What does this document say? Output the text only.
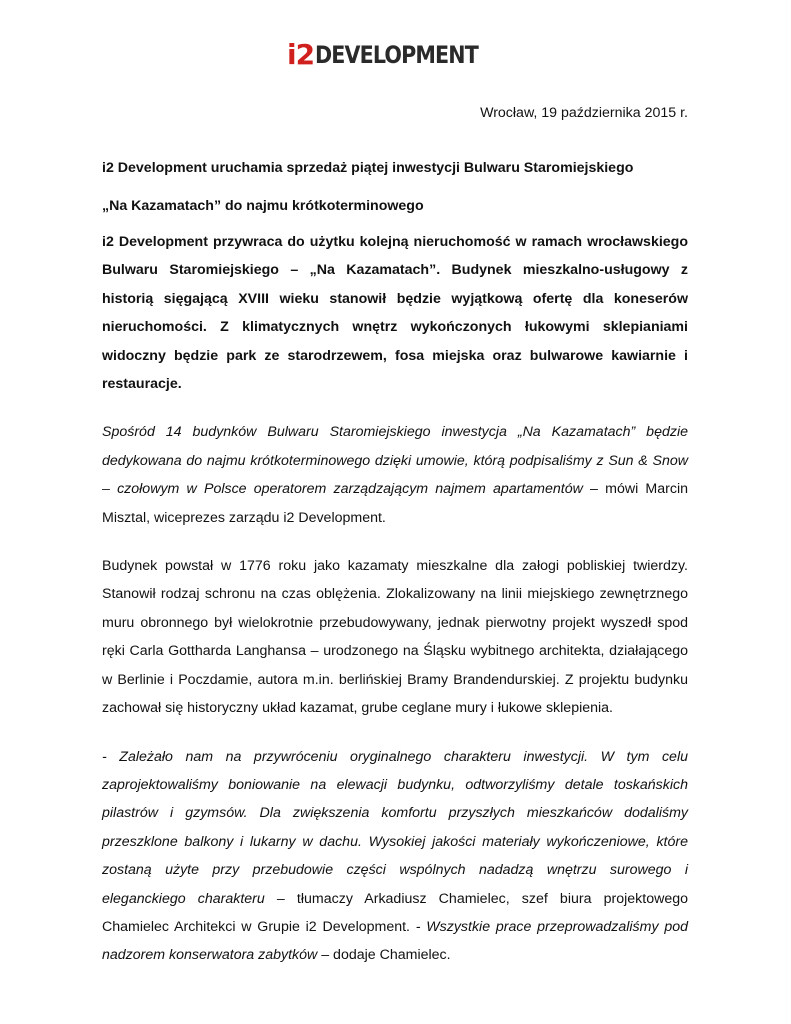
i2 DEVELOPMENT
Wrocław, 19 października 2015 r.

i2 Development uruchamia sprzedaż piątej inwestycji Bulwaru Staromiejskiego

„Na Kazamatach” do najmu krótkoterminowego

i2 Development przywraca do użytku kolejną nieruchomość w ramach wrocławskiego Bulwaru Staromiejskiego – „Na Kazamatach”. Budynek mieszkalno-usługowy z historią sięgającą XVIII wieku stanowił będzie wyjątkową ofertę dla koneserów nieruchomości. Z klimatycznych wnętrz wykończonych łukowymi sklepianiami widoczny będzie park ze starodrzewem, fosa miejska oraz bulwarowe kawiarnie i restauracje.

Spośród 14 budynków Bulwaru Staromiejskiego inwestycja „Na Kazamatach” będzie dedykowana do najmu krótkoterminowego dzięki umowie, którą podpisaliśmy z Sun & Snow – czołowym w Polsce operatorem zarządzającym najmem apartamentów – mówi Marcin Misztal, wiceprezes zarządu i2 Development.

Budynek powstał w 1776 roku jako kazamaty mieszkalne dla załogi pobliskiej twierdzy. Stanowił rodzaj schronu na czas oblężenia. Zlokalizowany na linii miejskiego zewnętrznego muru obronnego był wielokrotnie przebudowywany, jednak pierwotny projekt wyszedł spod ręki Carla Gottharda Langhansa – urodzonego na Śląsku wybitnego architekta, działającego w Berlinie i Poczdamie, autora m.in. berlińskiej Bramy Brandendurskiej. Z projektu budynku zachował się historyczny układ kazamat, grube ceglane mury i łukowe sklepienia.

- Zależało nam na przywróceniu oryginalnego charakteru inwestycji. W tym celu zaprojektowaliśmy boniowanie na elewacji budynku, odtworzyliśmy detale toskańskich pilastrów i gzymsów. Dla zwiększenia komfortu przyszłych mieszkańców dodaliśmy przeszklone balkony i lukarny w dachu. Wysokiej jakości materiały wykończeniowe, które zostaną użyte przy przebudowie części wspólnych nadadzą wnętrzu surowego i eleganckiego charakteru – tłumaczy Arkadiusz Chamielec, szef biura projektowego Chamielec Architekci w Grupie i2 Development. - Wszystkie prace przeprowadzaliśmy pod nadzorem konserwatora zabytków – dodaje Chamielec.
